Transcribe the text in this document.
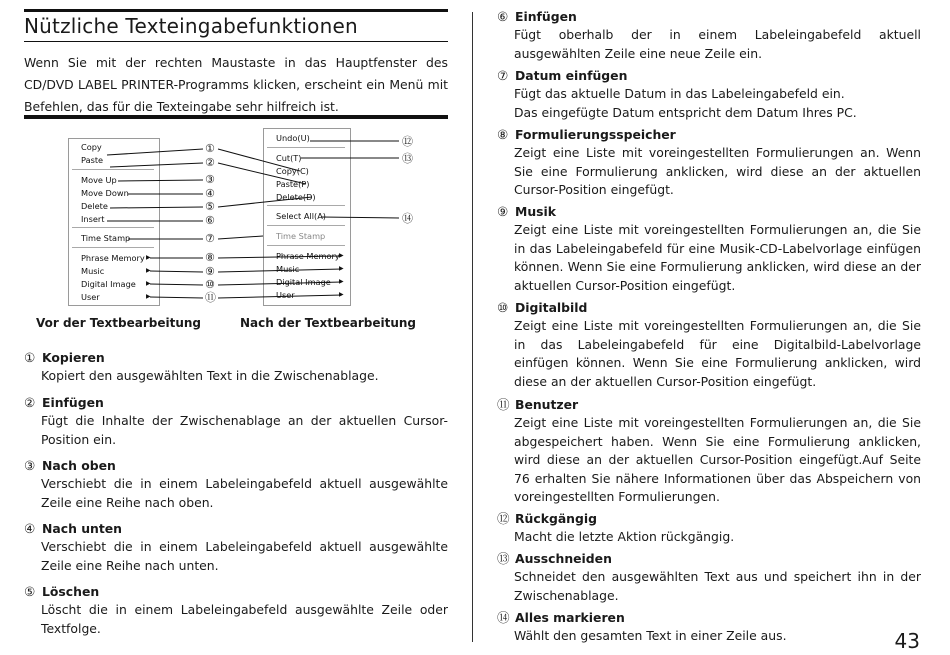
Nützliche Texteingabefunktionen

Wenn Sie mit der rechten Maustaste in das Hauptfenster des CD/DVD LABEL PRINTER-Programms klicken, erscheint ein Menü mit Befehlen, das für die Texteingabe sehr hilfreich ist.

Copy
Paste
Move Up
Move Down
Delete
Insert
Time Stamp
Phrase Memory ▶
Music	▶
Digital Image ▶
User	▶
①
②
③
④
⑤
⑥
⑦
⑧
⑨
⑩
⑪
Undo(U)
Cut(T)
Copy(C)
Paste(P)
Delete(D)
Select All(A)
Time Stamp
Phrase Memory ▶
Music	▶
Digital Image ▶
User	▶
⑫
⑬
⑭
Vor der Textbearbeitung	Nach der Textbearbeitung
① Kopieren

Kopiert den ausgewählten Text in die Zwischenablage.

② Einfügen

Fügt die Inhalte der Zwischenablage an der aktuellen Cursor-Position ein.

③ Nach oben

Verschiebt die in einem Labeleingabefeld aktuell ausgewählte Zeile eine Reihe nach oben.

④ Nach unten

Verschiebt die in einem Labeleingabefeld aktuell ausgewählte Zeile eine Reihe nach unten.

⑤ Löschen

Löscht die in einem Labeleingabefeld ausgewählte Zeile oder Textfolge.

⑥ Einfügen

Fügt oberhalb der in einem Labeleingabefeld aktuell ausgewählten Zeile eine neue Zeile ein.

⑦ Datum einfügen

Fügt das aktuelle Datum in das Labeleingabefeld ein.

Das eingefügte Datum entspricht dem Datum Ihres PC.

⑧ Formulierungsspeicher

Zeigt eine Liste mit voreingestellten Formulierungen an. Wenn Sie eine Formulierung anklicken, wird diese an der aktuellen Cursor-Position eingefügt.

⑨ Musik

Zeigt eine Liste mit voreingestellten Formulierungen an, die Sie in das Labeleingabefeld für eine Musik-CD-Labelvorlage einfügen können. Wenn Sie eine Formulierung anklicken, wird diese an der aktuellen Cursor-Position eingefügt.

⑩ Digitalbild

Zeigt eine Liste mit voreingestellten Formulierungen an, die Sie in das Labeleingabefeld für eine Digitalbild-Labelvorlage einfügen können. Wenn Sie eine Formulierung anklicken, wird diese an der aktuellen Cursor-Position eingefügt.

⑪ Benutzer

Zeigt eine Liste mit voreingestellten Formulierungen an, die Sie abgespeichert haben. Wenn Sie eine Formulierung anklicken, wird diese an der aktuellen Cursor-Position eingefügt.Auf Seite 76 erhalten Sie nähere Informationen über das Abspeichern von voreingestellten Formulierungen.

⑫ Rückgängig

Macht die letzte Aktion rückgängig.

⑬ Ausschneiden

Schneidet den ausgewählten Text aus und speichert ihn in der Zwischenablage.

⑭ Alles markieren

Wählt den gesamten Text in einer Zeile aus.	43
